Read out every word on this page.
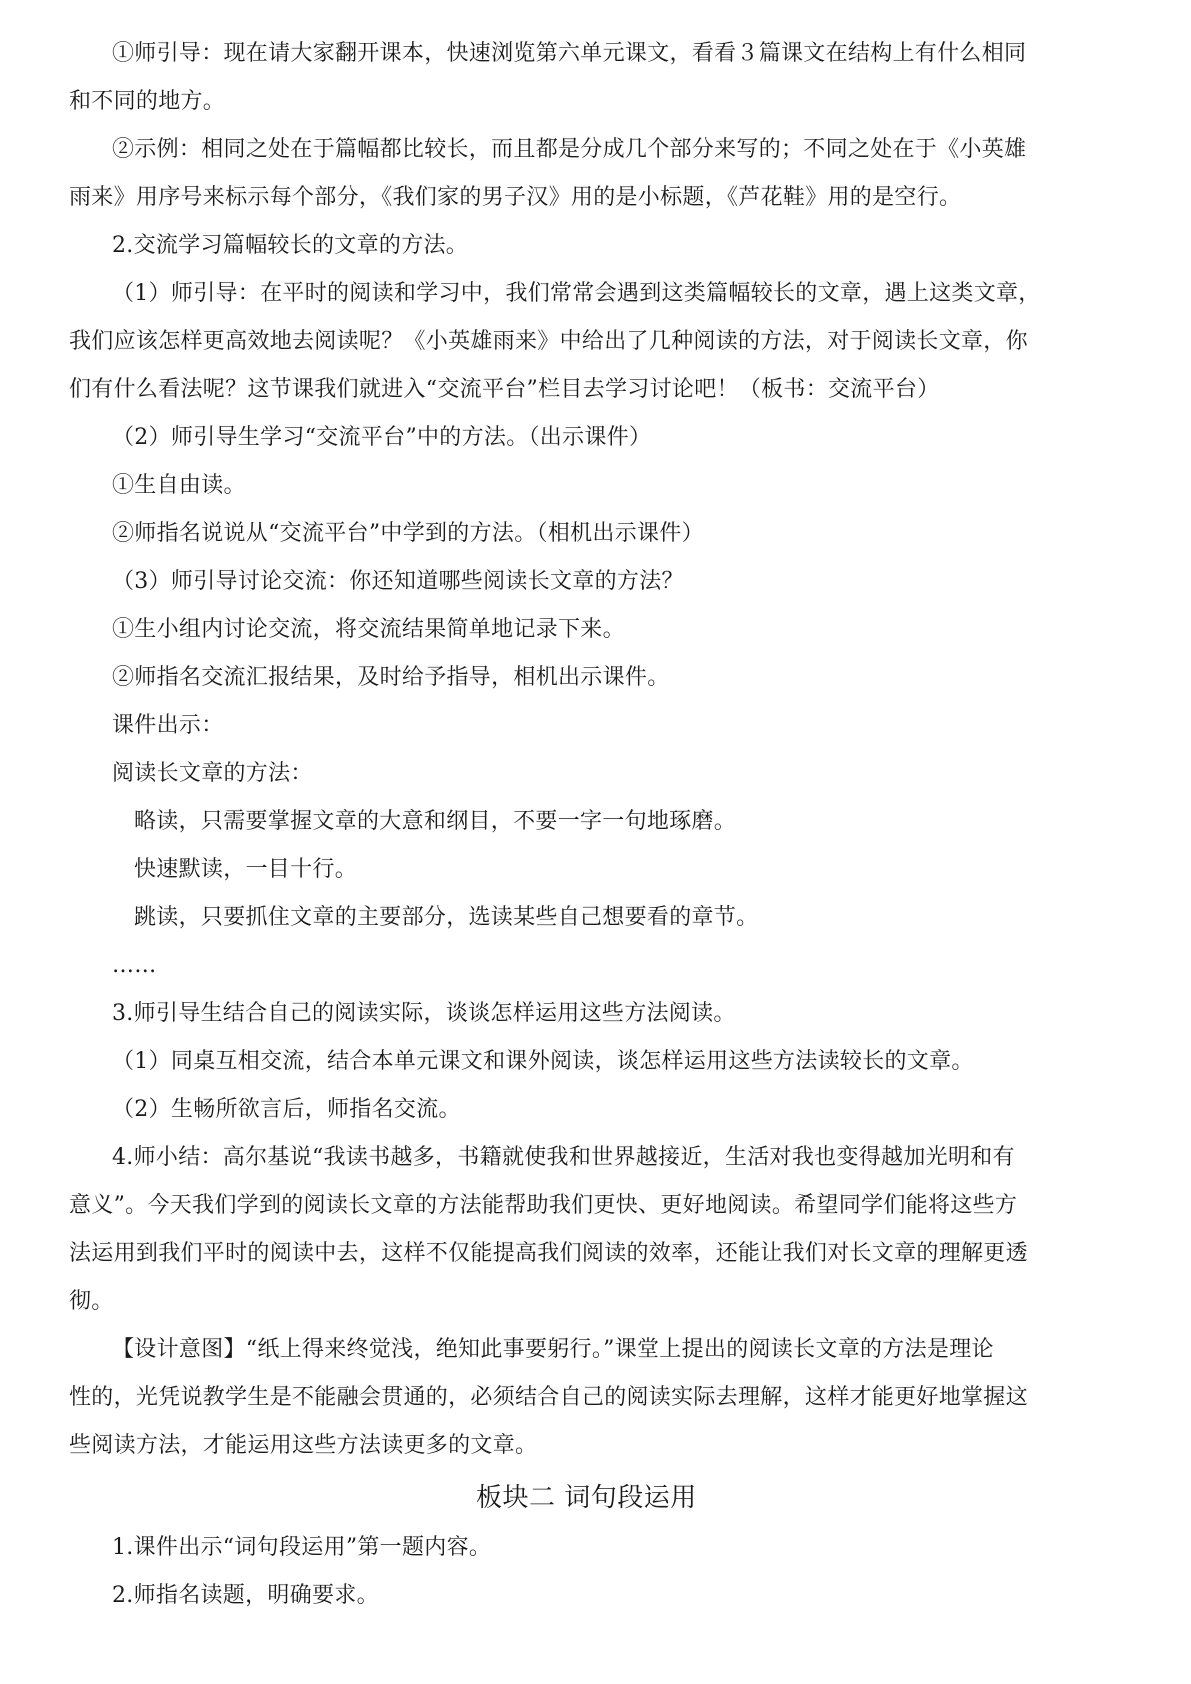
①师引导：现在请大家翻开课本，快速浏览第六单元课文，看看３篇课文在结构上有什么相同
和不同的地方。
②示例：相同之处在于篇幅都比较长，而且都是分成几个部分来写的；不同之处在于《小英雄
雨来》用序号来标示每个部分，《我们家的男子汉》用的是小标题，《芦花鞋》用的是空行。
2.交流学习篇幅较长的文章的方法。
（1）师引导：在平时的阅读和学习中，我们常常会遇到这类篇幅较长的文章，遇上这类文章，
我们应该怎样更高效地去阅读呢？《小英雄雨来》中给出了几种阅读的方法，对于阅读长文章，你
们有什么看法呢？这节课我们就进入“交流平台”栏目去学习讨论吧！（板书：交流平台）
（2）师引导生学习“交流平台”中的方法。（出示课件）
①生自由读。
②师指名说说从“交流平台”中学到的方法。（相机出示课件）
（3）师引导讨论交流：你还知道哪些阅读长文章的方法？
①生小组内讨论交流，将交流结果简单地记录下来。
②师指名交流汇报结果，及时给予指导，相机出示课件。
课件出示：
阅读长文章的方法：
略读，只需要掌握文章的大意和纲目，不要一字一句地琢磨。
快速默读，一目十行。
跳读，只要抓住文章的主要部分，选读某些自己想要看的章节。
……
3.师引导生结合自己的阅读实际，谈谈怎样运用这些方法阅读。
（1）同桌互相交流，结合本单元课文和课外阅读，谈怎样运用这些方法读较长的文章。
（2）生畅所欲言后，师指名交流。
4.师小结：高尔基说“我读书越多，书籍就使我和世界越接近，生活对我也变得越加光明和有
意义”。今天我们学到的阅读长文章的方法能帮助我们更快、更好地阅读。希望同学们能将这些方
法运用到我们平时的阅读中去，这样不仅能提高我们阅读的效率，还能让我们对长文章的理解更透
彻。
【设计意图】“纸上得来终觉浅，绝知此事要躬行。”课堂上提出的阅读长文章的方法是理论
性的，光凭说教学生是不能融会贯通的，必须结合自己的阅读实际去理解，这样才能更好地掌握这
些阅读方法，才能运用这些方法读更多的文章。
板块二 词句段运用
1.课件出示“词句段运用”第一题内容。
2.师指名读题，明确要求。
